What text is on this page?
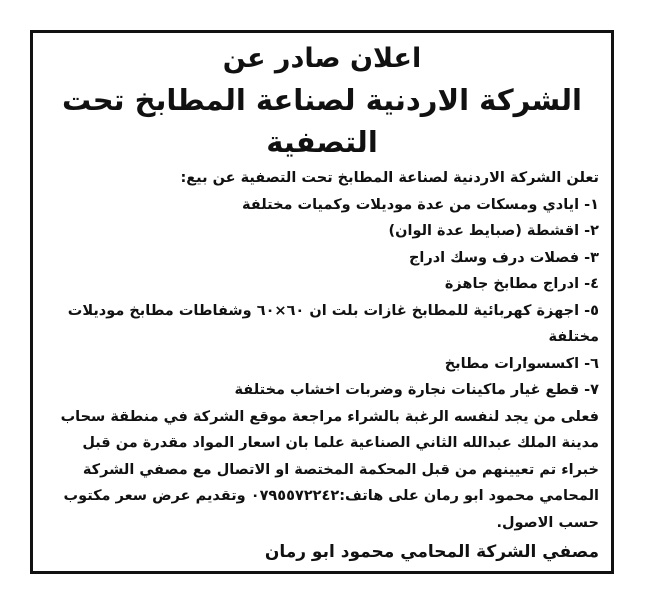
اعلان صادر عن
الشركة الاردنية لصناعة المطابخ تحت التصفية

تعلن الشركة الاردنية لصناعة المطابخ تحت التصفية عن بيع:

١- ايادي ومسكات من عدة موديلات وكميات مختلفة

٢- اقشطة (صبايط عدة الوان)

٣- فصلات درف وسك ادراج

٤- ادراج مطابخ جاهزة

٥- اجهزة كهربائية للمطابخ غازات بلت ان ٦٠×٦٠ وشفاطات مطابخ موديلات مختلفة

٦- اكسسوارات مطابخ

٧- قطع غيار ماكينات نجارة وضربات اخشاب مختلفة

فعلى من يجد لنفسه الرغبة بالشراء مراجعة موقع الشركة في منطقة سحاب مدينة الملك عبدالله الثاني الصناعية علما بان اسعار المواد مقدرة من قبل خبراء تم تعيينهم من قبل المحكمة المختصة او الاتصال مع مصفي الشركة المحامي محمود ابو رمان على هاتف:٠٧٩٥٥٧٢٢٤٢ وتقديم عرض سعر مكتوب حسب الاصول.

مصفي الشركة المحامي محمود ابو رمان
